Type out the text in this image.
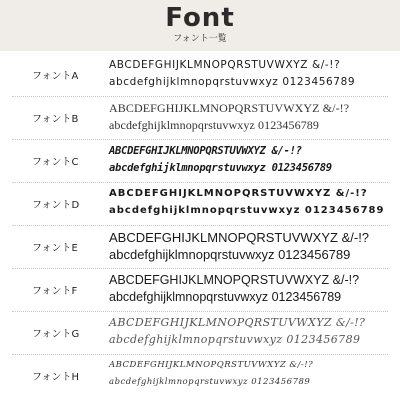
Font
フォント一覧
フォントA
ABCDEFGHIJKLMNOPQRSTUVWXYZ &/-!?
abcdefghijklmnopqrstuvwxyz 0123456789
フォントB
ABCDEFGHIJKLMNOPQRSTUVWXYZ &/-!?
abcdefghijklmnopqrstuvwxyz 0123456789
フォントC
ABCDEFGHIJKLMNOPQRSTUVWXYZ &/-!?
abcdefghijklmnopqrstuvwxyz 0123456789
フォントD
ABCDEFGHIJKLMNOPQRSTUVWXYZ &/-!?
abcdefghijklmnopqrstuvwxyz 0123456789
フォントE
ABCDEFGHIJKLMNOPQRSTUVWXYZ &/-!?
abcdefghijklmnopqrstuvwxyz 0123456789
フォントF
ABCDEFGHIJKLMNOPQRSTUVWXYZ &/-!?
abcdefghijklmnopqrstuvwxyz 0123456789
フォントG
ABCDEFGHIJKLMNOPQRSTUVWXYZ &/-!?
abcdefghijklmnopqrstuvwxyz 0123456789
フォントH
ABCDEFGHIJKLMNOPQRSTUVWXYZ &/-!?
abcdefghijklmnopqrstuvwxyz 0123456789
